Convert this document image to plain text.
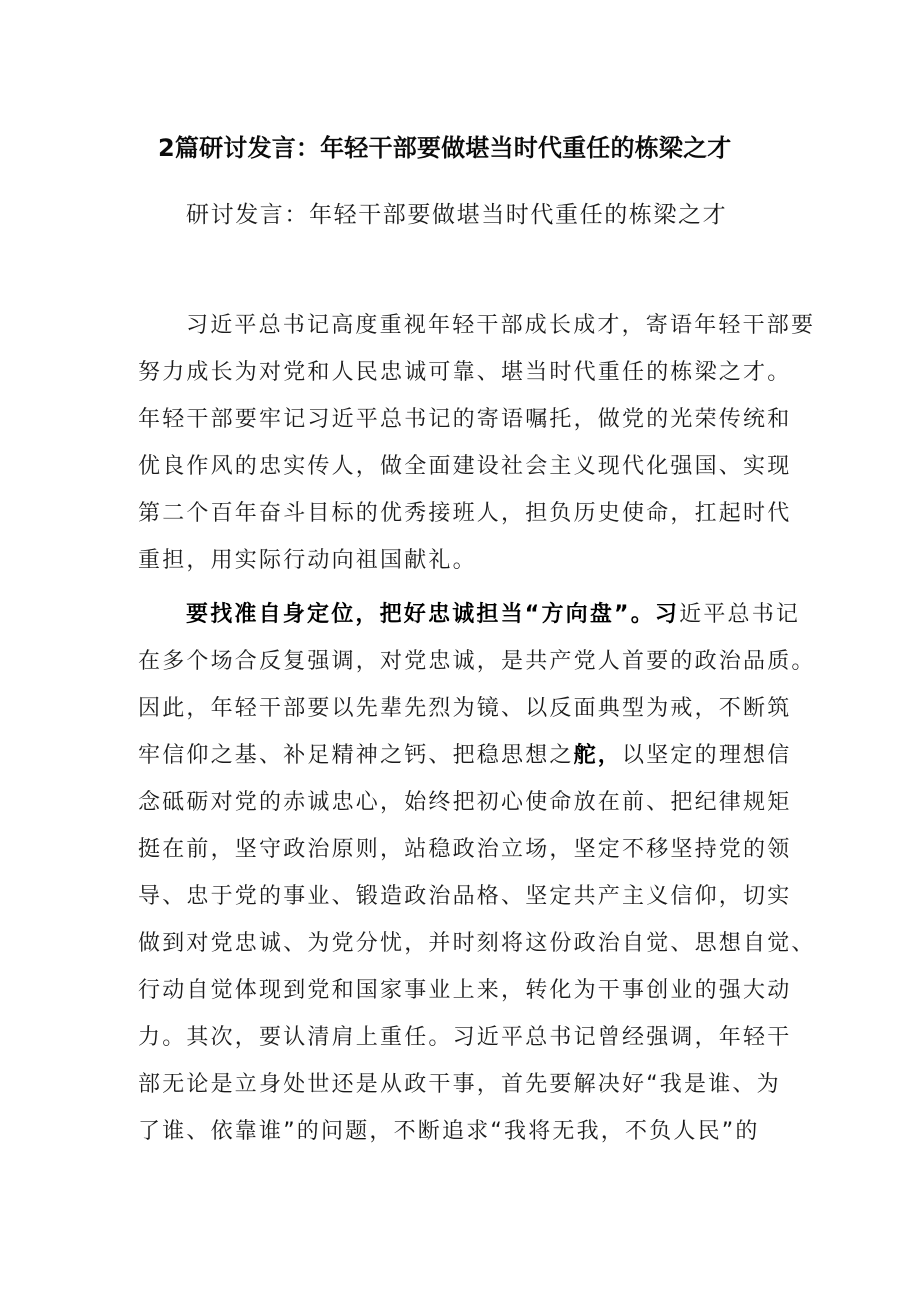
2篇研讨发言：年轻干部要做堪当时代重任的栋梁之才
研讨发言：年轻干部要做堪当时代重任的栋梁之才
习近平总书记高度重视年轻干部成长成才，寄语年轻干部要
努力成长为对党和人民忠诚可靠、堪当时代重任的栋梁之才。
年轻干部要牢记习近平总书记的寄语嘱托，做党的光荣传统和
优良作风的忠实传人，做全面建设社会主义现代化强国、实现
第二个百年奋斗目标的优秀接班人，担负历史使命，扛起时代
重担，用实际行动向祖国献礼。
要找准自身定位，把好忠诚担当“方向盘”。习近平总书记
在多个场合反复强调，对党忠诚，是共产党人首要的政治品质。
因此，年轻干部要以先辈先烈为镜、以反面典型为戒，不断筑
牢信仰之基、补足精神之钙、把稳思想之舵，以坚定的理想信
念砥砺对党的赤诚忠心，始终把初心使命放在前、把纪律规矩
挺在前，坚守政治原则，站稳政治立场，坚定不移坚持党的领
导、忠于党的事业、锻造政治品格、坚定共产主义信仰，切实
做到对党忠诚、为党分忧，并时刻将这份政治自觉、思想自觉、
行动自觉体现到党和国家事业上来，转化为干事创业的强大动
力。其次，要认清肩上重任。习近平总书记曾经强调，年轻干
部无论是立身处世还是从政干事，首先要解决好“我是谁、为
了谁、依靠谁”的问题，不断追求“我将无我，不负人民”的
